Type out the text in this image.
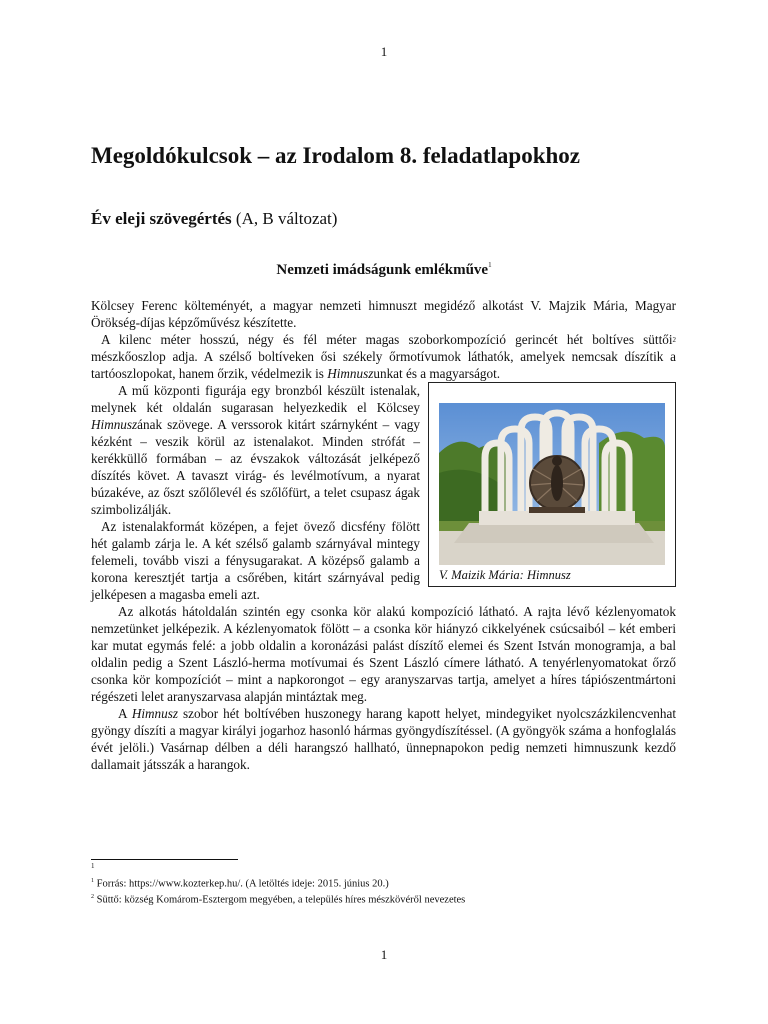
1
Megoldókulcsok – az Irodalom 8. feladatlapokhoz
Év eleji szövegértés (A, B változat)
Nemzeti imádságunk emlékműve$^1$

Kölcsey Ferenc költeményét, a magyar nemzeti himnuszt megidéző alkotást V. Majzik Mária, Magyar Örökség-díjas képzőművész készítette.

A kilenc méter hosszú, négy és fél méter magas szoborkompozíció gerincét hét boltíves süttői$^2$ mészkőoszlop adja. A szélső boltíveken ősi székely őrmotívumok láthatók, amelyek nemcsak díszítik a tartóoszlopokat, hanem őrzik, védelmezik is Himnuszunkat és a magyarságot.

V. Maizik Mária: Himnusz

A mű központi figurája egy bronzból készült istenalak, melynek két oldalán sugarasan helyezkedik el Kölcsey Himnuszának szövege. A verssorok kitárt szárnyként – vagy kézként – veszik körül az istenalakot. Minden strófát – kerékküllő formában – az évszakok változását jelképező díszítés követ. A tavaszt virág- és levélmotívum, a nyarat búzakéve, az őszt szőlőlevél és szőlőfürt, a telet csupasz ágak szimbolizálják.

Az istenalakformát középen, a fejet övező dicsfény fölött hét galamb zárja le. A két szélső galamb szárnyával mintegy felemeli, tovább viszi a fénysugarakat. A középső galamb a korona keresztjét tartja a csőrében, kitárt szárnyával pedig jelképesen a magasba emeli azt.

Az alkotás hátoldalán szintén egy csonka kör alakú kompozíció látható. A rajta lévő kézlenyomatok nemzetünket jelképezik. A kézlenyomatok fölött – a csonka kör hiányzó cikkelyének csúcsaiból – két emberi kar mutat egymás felé: a jobb oldalin a koronázási palást díszítő elemei és Szent István monogramja, a bal oldalin pedig a Szent László-herma motívumai és Szent László címere látható. A tenyérlenyomatokat őrző csonka kör kompozíciót – mint a napkorongot – egy aranyszarvas tartja, amelyet a híres tápiószentmártoni régészeti lelet aranyszarvasa alapján mintáztak meg.

A Himnusz szobor hét boltívében huszonegy harang kapott helyet, mindegyiket nyolcszázkilencvenhat gyöngy díszíti a magyar királyi jogarhoz hasonló hármas gyöngydíszítéssel. (A gyöngyök száma a honfoglalás évét jelöli.) Vasárnap délben a déli harangszó hallható, ünnepnapokon pedig nemzeti himnuszunk kezdő dallamait játsszák a harangok.

1
$^1$ Forrás: https://www.kozterkep.hu/. (A letöltés ideje: 2015. június 20.)
$^2$ Süttő: község Komárom-Esztergom megyében, a település híres mészkövéről nevezetes
1
